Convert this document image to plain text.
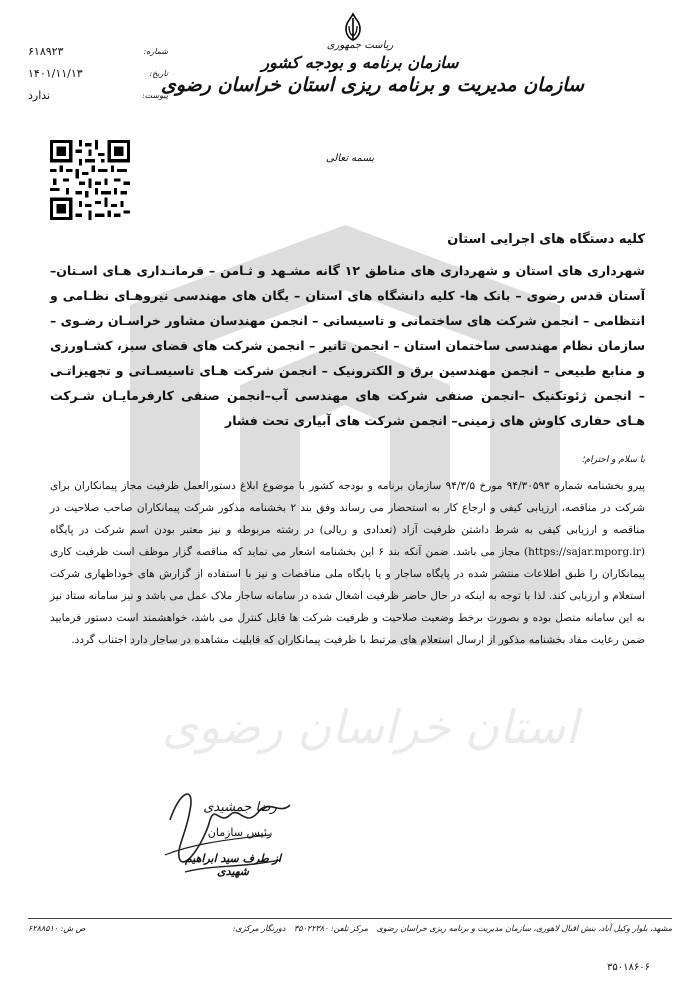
استان خراسان رضوی
ریاست جمهوری
سازمان برنامه و بودجه کشور
سازمان مدیریت و برنامه ریزی استان خراسان رضوی
شماره:
۶۱۸۹۲۳
تاریخ:
۱۴۰۱/۱۱/۱۳
پیوست:
ندارد
بسمه تعالی
کلیه دستگاه های اجرایی استان
شهرداری های استان و شهرداری های مناطق ۱۲ گانه مشـهد و ثـامن – فرمانـداری هـای اسـتان– آستان قدس رضوی – بانک ها- کلیه دانشگاه های استان – یگان های مهندسی نیروهـای نظـامی و انتظامی – انجمن شرکت های ساختمانی و تاسیساتی – انجمن مهندسان مشاور خراسـان رضـوی – سازمان نظام مهندسی ساختمان استان – انجمن تانیر – انجمن شرکت های فضای سبز، کشـاورزی و منابع طبیعی – انجمن مهندسین برق و الکترونیک – انجمن شرکت هـای تاسیسـاتی و تجهیزاتـی – انجمن ژئوتکنیک –انجمن صنفی شرکت های مهندسی آب–انجمن صنفی کارفرمایـان شـرکت هـای حفاری کاوش های زمینی– انجمن شرکت های آبیاری تحت فشار
با سلام و احترام؛
پیرو بخشنامه شماره ۹۴/۳۰۵۹۳ مورخ ۹۴/۳/۵ سازمان برنامه و بودجه کشور با موضوع ابلاغ دستورالعمل ظرفیت مجاز پیمانکاران برای شرکت در مناقصه، ارزیابی کیفی و ارجاع کار به استحضار می رساند وفق بند ۲ بخشنامه مذکور شرکت پیمانکاران صاحب صلاحیت در مناقصه و ارزیابی کیفی به شرط داشتن ظرفیت آزاد (تعدادی و ریالی) در رشته مربوطه و نیز معتبر بودن اسم شرکت در پایگاه (https://sajar.mporg.ir) مجاز می باشد. ضمن آنکه بند ۶ این بخشنامه اشعار می نماید که مناقصه گزار موظف است ظرفیت کاری پیمانکاران را طبق اطلاعات منتشر شده در پایگاه ساجار و یا پایگاه ملی مناقصات و نیز با استفاده از گزارش های خوداظهاری شرکت استعلام و ارزیابی کند. لذا با توجه به اینکه در حال حاضر ظرفیت اشغال شده در سامانه ساجار ملاک عمل می باشد و نیز سامانه ستاد نیز به این سامانه متصل بوده و بصورت برخط وضعیت صلاحیت و ظرفیت شرکت ها قابل کنترل می باشد، خواهشمند است دستور فرمایید ضمن رعایت مفاد بخشنامه مذکور از ارسال استعلام های مرتبط با ظرفیت پیمانکاران که قابلیت مشاهده در ساجار دارد اجتناب گردد.
رضا جمشیدی
رئیس سازمان
از طرف سید ابراهیم شهیدی
مشهد، بلوار وکیل آباد، بنش اقبال لاهوری، سازمان مدیریت و برنامه ریزی خراسان رضوی مرکز تلفن: ۳۵۰۲۲۳۸۰ دورنگار مرکزی:
ص ش: ۶۲۸۸۵۱۰
۳۵۰۱۸۶۰۶
